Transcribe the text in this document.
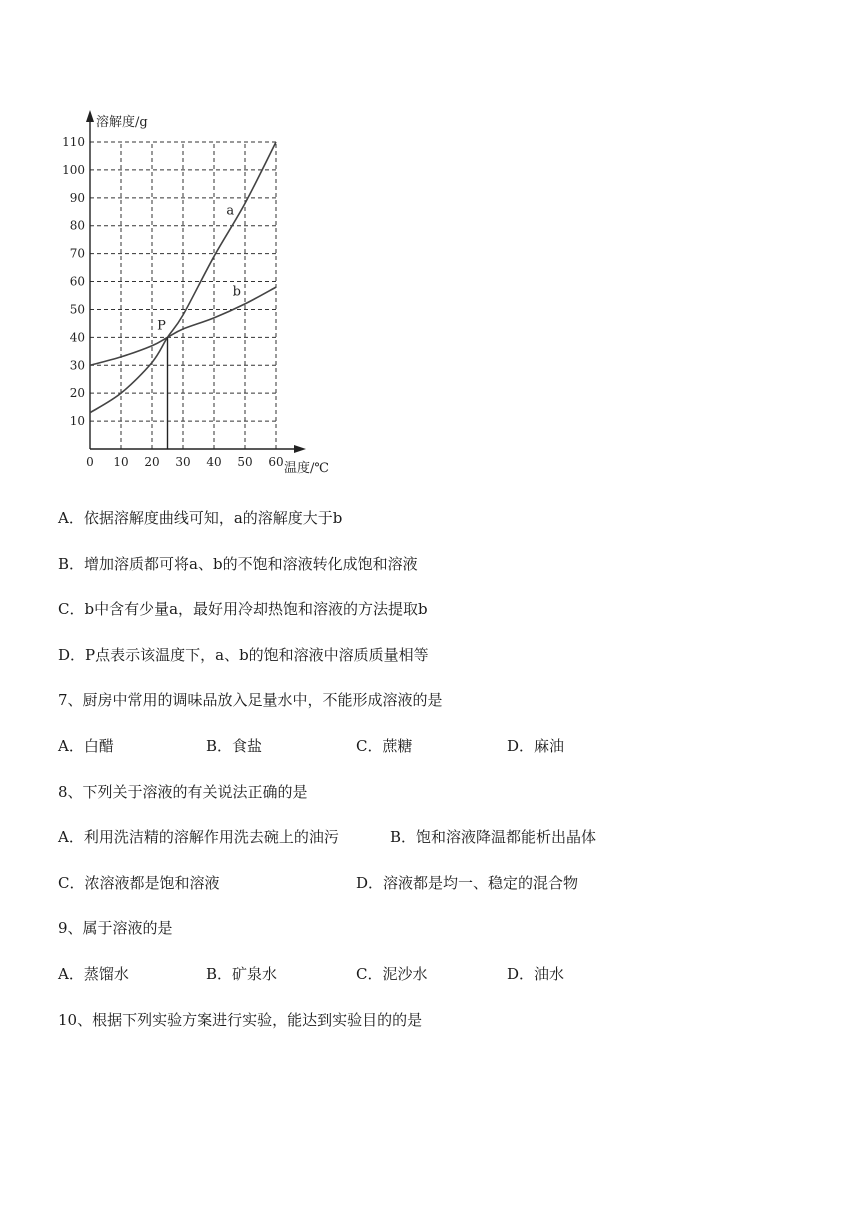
10
20
30
40
50
60
70
80
90
100
110
0 10 20 30 40 50 60
溶解度/g
温度/℃
a
b
P
A．依据溶解度曲线可知，a的溶解度大于b
B．增加溶质都可将a、b的不饱和溶液转化成饱和溶液
C．b中含有少量a，最好用冷却热饱和溶液的方法提取b
D．P点表示该温度下，a、b的饱和溶液中溶质质量相等
7、厨房中常用的调味品放入足量水中，不能形成溶液的是
A．白醋	B．食盐	C．蔗糖	D．麻油
8、下列关于溶液的有关说法正确的是
A．利用洗洁精的溶解作用洗去碗上的油污	B．饱和溶液降温都能析出晶体
C．浓溶液都是饱和溶液	D．溶液都是均一、稳定的混合物
9、属于溶液的是
A．蒸馏水	B．矿泉水	C．泥沙水	D．油水
10、根据下列实验方案进行实验，能达到实验目的的是
